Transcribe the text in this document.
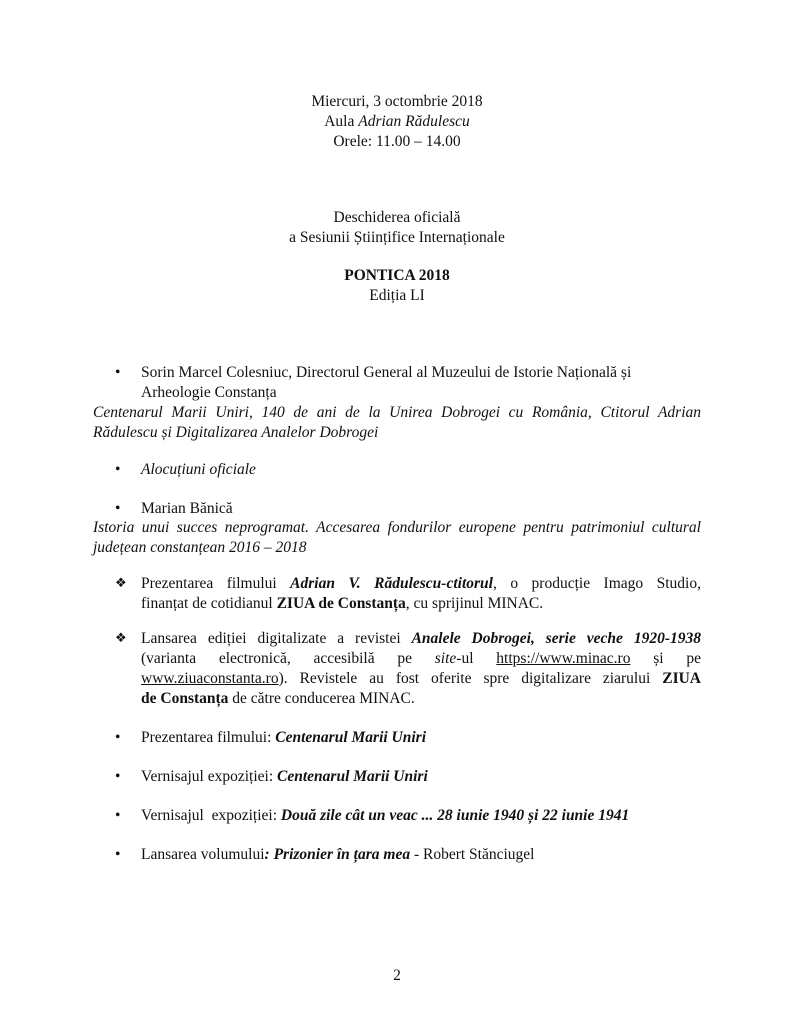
Miercuri, 3 octombrie 2018
Aula Adrian Rădulescu
Orele: 11.00 – 14.00
Deschiderea oficială
a Sesiunii Științifice Internaționale
PONTICA 2018
Ediția LI
•	Sorin Marcel Colesniuc, Directorul General al Muzeului de Istorie Națională și
Arheologie Constanța
Centenarul Marii Uniri, 140 de ani de la Unirea Dobrogei cu România, Ctitorul Adrian
Rădulescu și Digitalizarea Analelor Dobrogei
•	Alocuțiuni oficiale
•	Marian Bănică
Istoria unui succes neprogramat. Accesarea fondurilor europene pentru patrimoniul cultural
județean constanțean 2016 – 2018
❖ Prezentarea filmului Adrian V. Rădulescu-ctitorul, o producție Imago Studio,
finanțat de cotidianul ZIUA de Constanța, cu sprijinul MINAC.
❖ Lansarea ediției digitalizate a revistei Analele Dobrogei, serie veche 1920-1938
(varianta electronică, accesibilă pe site-ul https://www.minac.ro și pe
www.ziuaconstanta.ro). Revistele au fost oferite spre digitalizare ziarului ZIUA
de Constanța de către conducerea MINAC.
•	Prezentarea filmului: Centenarul Marii Uniri
•	Vernisajul expoziției: Centenarul Marii Uniri
•	Vernisajul  expoziției: Două zile cât un veac ... 28 iunie 1940 și 22 iunie 1941
•	Lansarea volumului: Prizonier în țara mea - Robert Stănciugel
2
